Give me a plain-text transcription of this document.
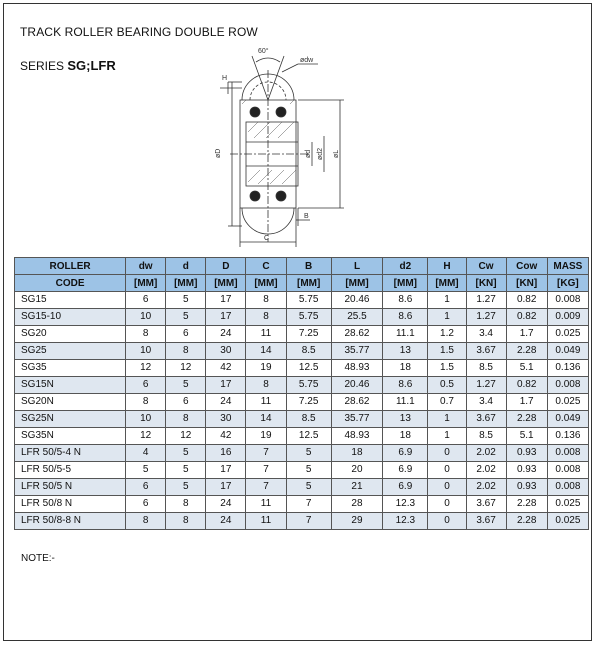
TRACK ROLLER BEARING DOUBLE ROW
SERIES SG;LFR
60°
ødw
H
øD	ød ød2 øL
B
C
NOTE:-
ROLLER	dw	d	D	C	B	L	d2	H	Cw	Cow	MASS
CODE	[MM]	[MM]	[MM]	[MM]	[MM]	[MM]	[MM]	[MM]	[KN]	[KN]	[KG]
SG15	6	5	17	8	5.75	20.46	8.6	1	1.27	0.82	0.008
SG15-10	10	5	17	8	5.75	25.5	8.6	1	1.27	0.82	0.009
SG20	8	6	24	11	7.25	28.62	11.1	1.2	3.4	1.7	0.025
SG25	10	8	30	14	8.5	35.77	13	1.5	3.67	2.28	0.049
SG35	12	12	42	19	12.5	48.93	18	1.5	8.5	5.1	0.136
SG15N	6	5	17	8	5.75	20.46	8.6	0.5	1.27	0.82	0.008
SG20N	8	6	24	11	7.25	28.62	11.1	0.7	3.4	1.7	0.025
SG25N	10	8	30	14	8.5	35.77	13	1	3.67	2.28	0.049
SG35N	12	12	42	19	12.5	48.93	18	1	8.5	5.1	0.136
LFR 50/5-4 N	4	5	16	7	5	18	6.9	0	2.02	0.93	0.008
LFR 50/5-5	5	5	17	7	5	20	6.9	0	2.02	0.93	0.008
LFR 50/5 N	6	5	17	7	5	21	6.9	0	2.02	0.93	0.008
LFR 50/8 N	6	8	24	11	7	28	12.3	0	3.67	2.28	0.025
LFR 50/8-8 N	8	8	24	11	7	29	12.3	0	3.67	2.28	0.025
